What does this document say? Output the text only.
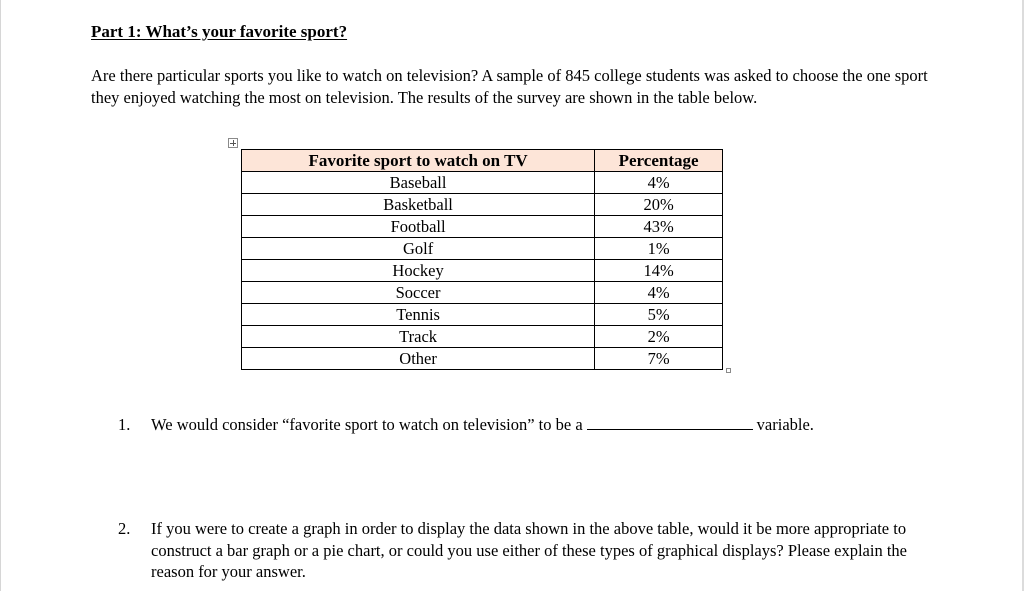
Part 1: What’s your favorite sport?
Are there particular sports you like to watch on television? A sample of 845 college students was asked to choose the one sport they enjoyed watching the most on television. The results of the survey are shown in the table below.
Favorite sport to watch on TV	Percentage
Baseball	4%
Basketball	20%
Football	43%
Golf	1%
Hockey	14%
Soccer	4%
Tennis	5%
Track	2%
Other	7%
1. We would consider “favorite sport to watch on television” to be a	variable.
2.	If you were to create a graph in order to display the data shown in the above table, would it be more appropriate to construct a bar graph or a pie chart, or could you use either of these types of graphical displays? Please explain the reason for your answer.
